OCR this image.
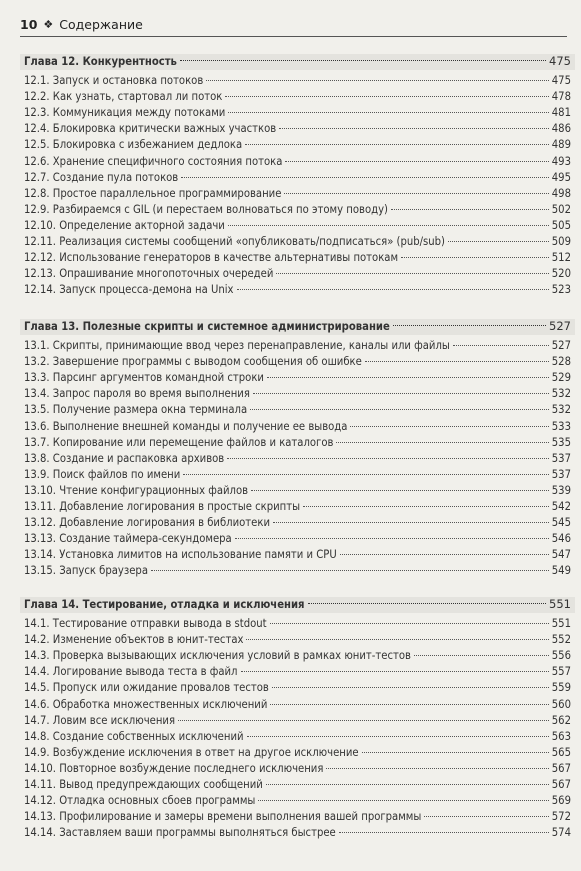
10 ❖ Содержание
Глава 12. Конкурентность	475
12.1. Запуск и остановка потоков	475
12.2. Как узнать, стартовал ли поток	478
12.3. Коммуникация между потоками	481
12.4. Блокировка критически важных участков	486
12.5. Блокировка с избежанием дедлока	489
12.6. Хранение специфичного состояния потока	493
12.7. Создание пула потоков	495
12.8. Простое параллельное программирование	498
12.9. Разбираемся с GIL (и перестаем волноваться по этому поводу)	502
12.10. Определение акторной задачи	505
12.11. Реализация системы сообщений «опубликовать/подписаться» (pub/sub)	509
12.12. Использование генераторов в качестве альтернативы потокам	512
12.13. Опрашивание многопоточных очередей	520
12.14. Запуск процесса-демона на Unix	523
Глава 13. Полезные скрипты и системное администрирование	527
13.1. Скрипты, принимающие ввод через перенаправление, каналы или файлы	527
13.2. Завершение программы с выводом сообщения об ошибке	528
13.3. Парсинг аргументов командной строки	529
13.4. Запрос пароля во время выполнения	532
13.5. Получение размера окна терминала	532
13.6. Выполнение внешней команды и получение ее вывода	533
13.7. Копирование или перемещение файлов и каталогов	535
13.8. Создание и распаковка архивов	537
13.9. Поиск файлов по имени	537
13.10. Чтение конфигурационных файлов	539
13.11. Добавление логирования в простые скрипты	542
13.12. Добавление логирования в библиотеки	545
13.13. Создание таймера-секундомера	546
13.14. Установка лимитов на использование памяти и CPU	547
13.15. Запуск браузера	549
Глава 14. Тестирование, отладка и исключения	551
14.1. Тестирование отправки вывода в stdout	551
14.2. Изменение объектов в юнит-тестах	552
14.3. Проверка вызывающих исключения условий в рамках юнит-тестов	556
14.4. Логирование вывода теста в файл	557
14.5. Пропуск или ожидание провалов тестов	559
14.6. Обработка множественных исключений	560
14.7. Ловим все исключения	562
14.8. Создание собственных исключений	563
14.9. Возбуждение исключения в ответ на другое исключение	565
14.10. Повторное возбуждение последнего исключения	567
14.11. Вывод предупреждающих сообщений	567
14.12. Отладка основных сбоев программы	569
14.13. Профилирование и замеры времени выполнения вашей программы	572
14.14. Заставляем ваши программы выполняться быстрее	574
